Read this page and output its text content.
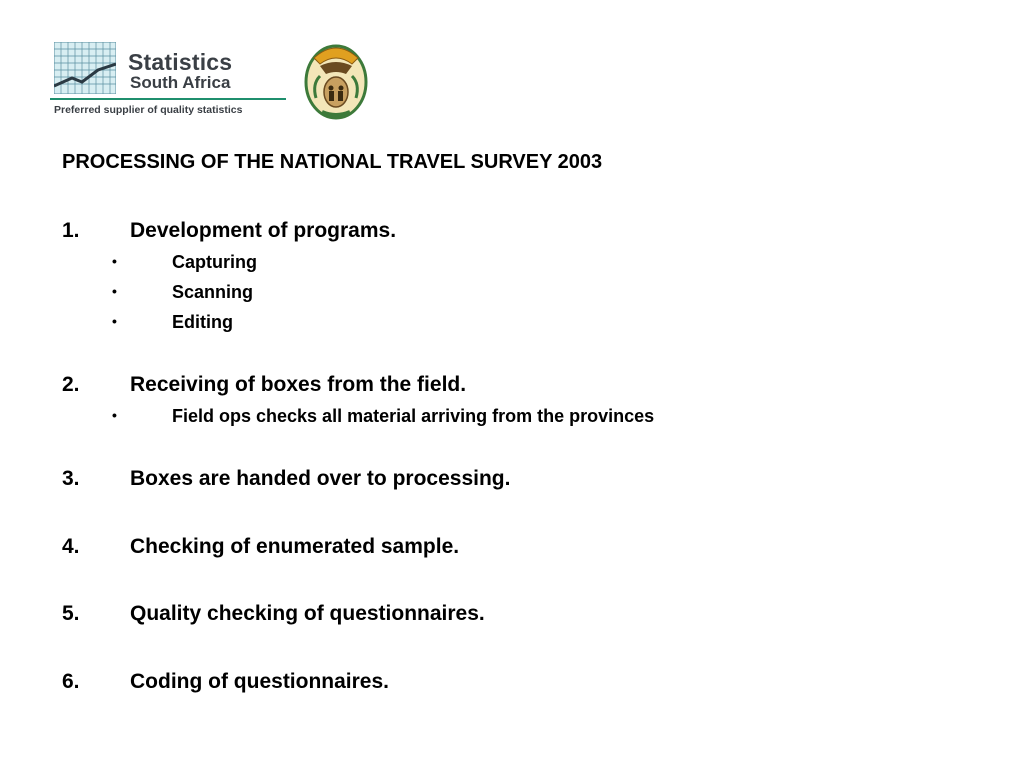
Statistics
South Africa
Preferred supplier of quality statistics
PROCESSING OF THE NATIONAL TRAVEL SURVEY 2003
1. Development of programs.
•	Capturing
•	Scanning
•	Editing
2. Receiving of boxes from the field.
•	Field ops checks all material arriving from the provinces
3. Boxes are handed over to processing.
4. Checking of enumerated sample.
5. Quality checking of questionnaires.
6. Coding of questionnaires.
